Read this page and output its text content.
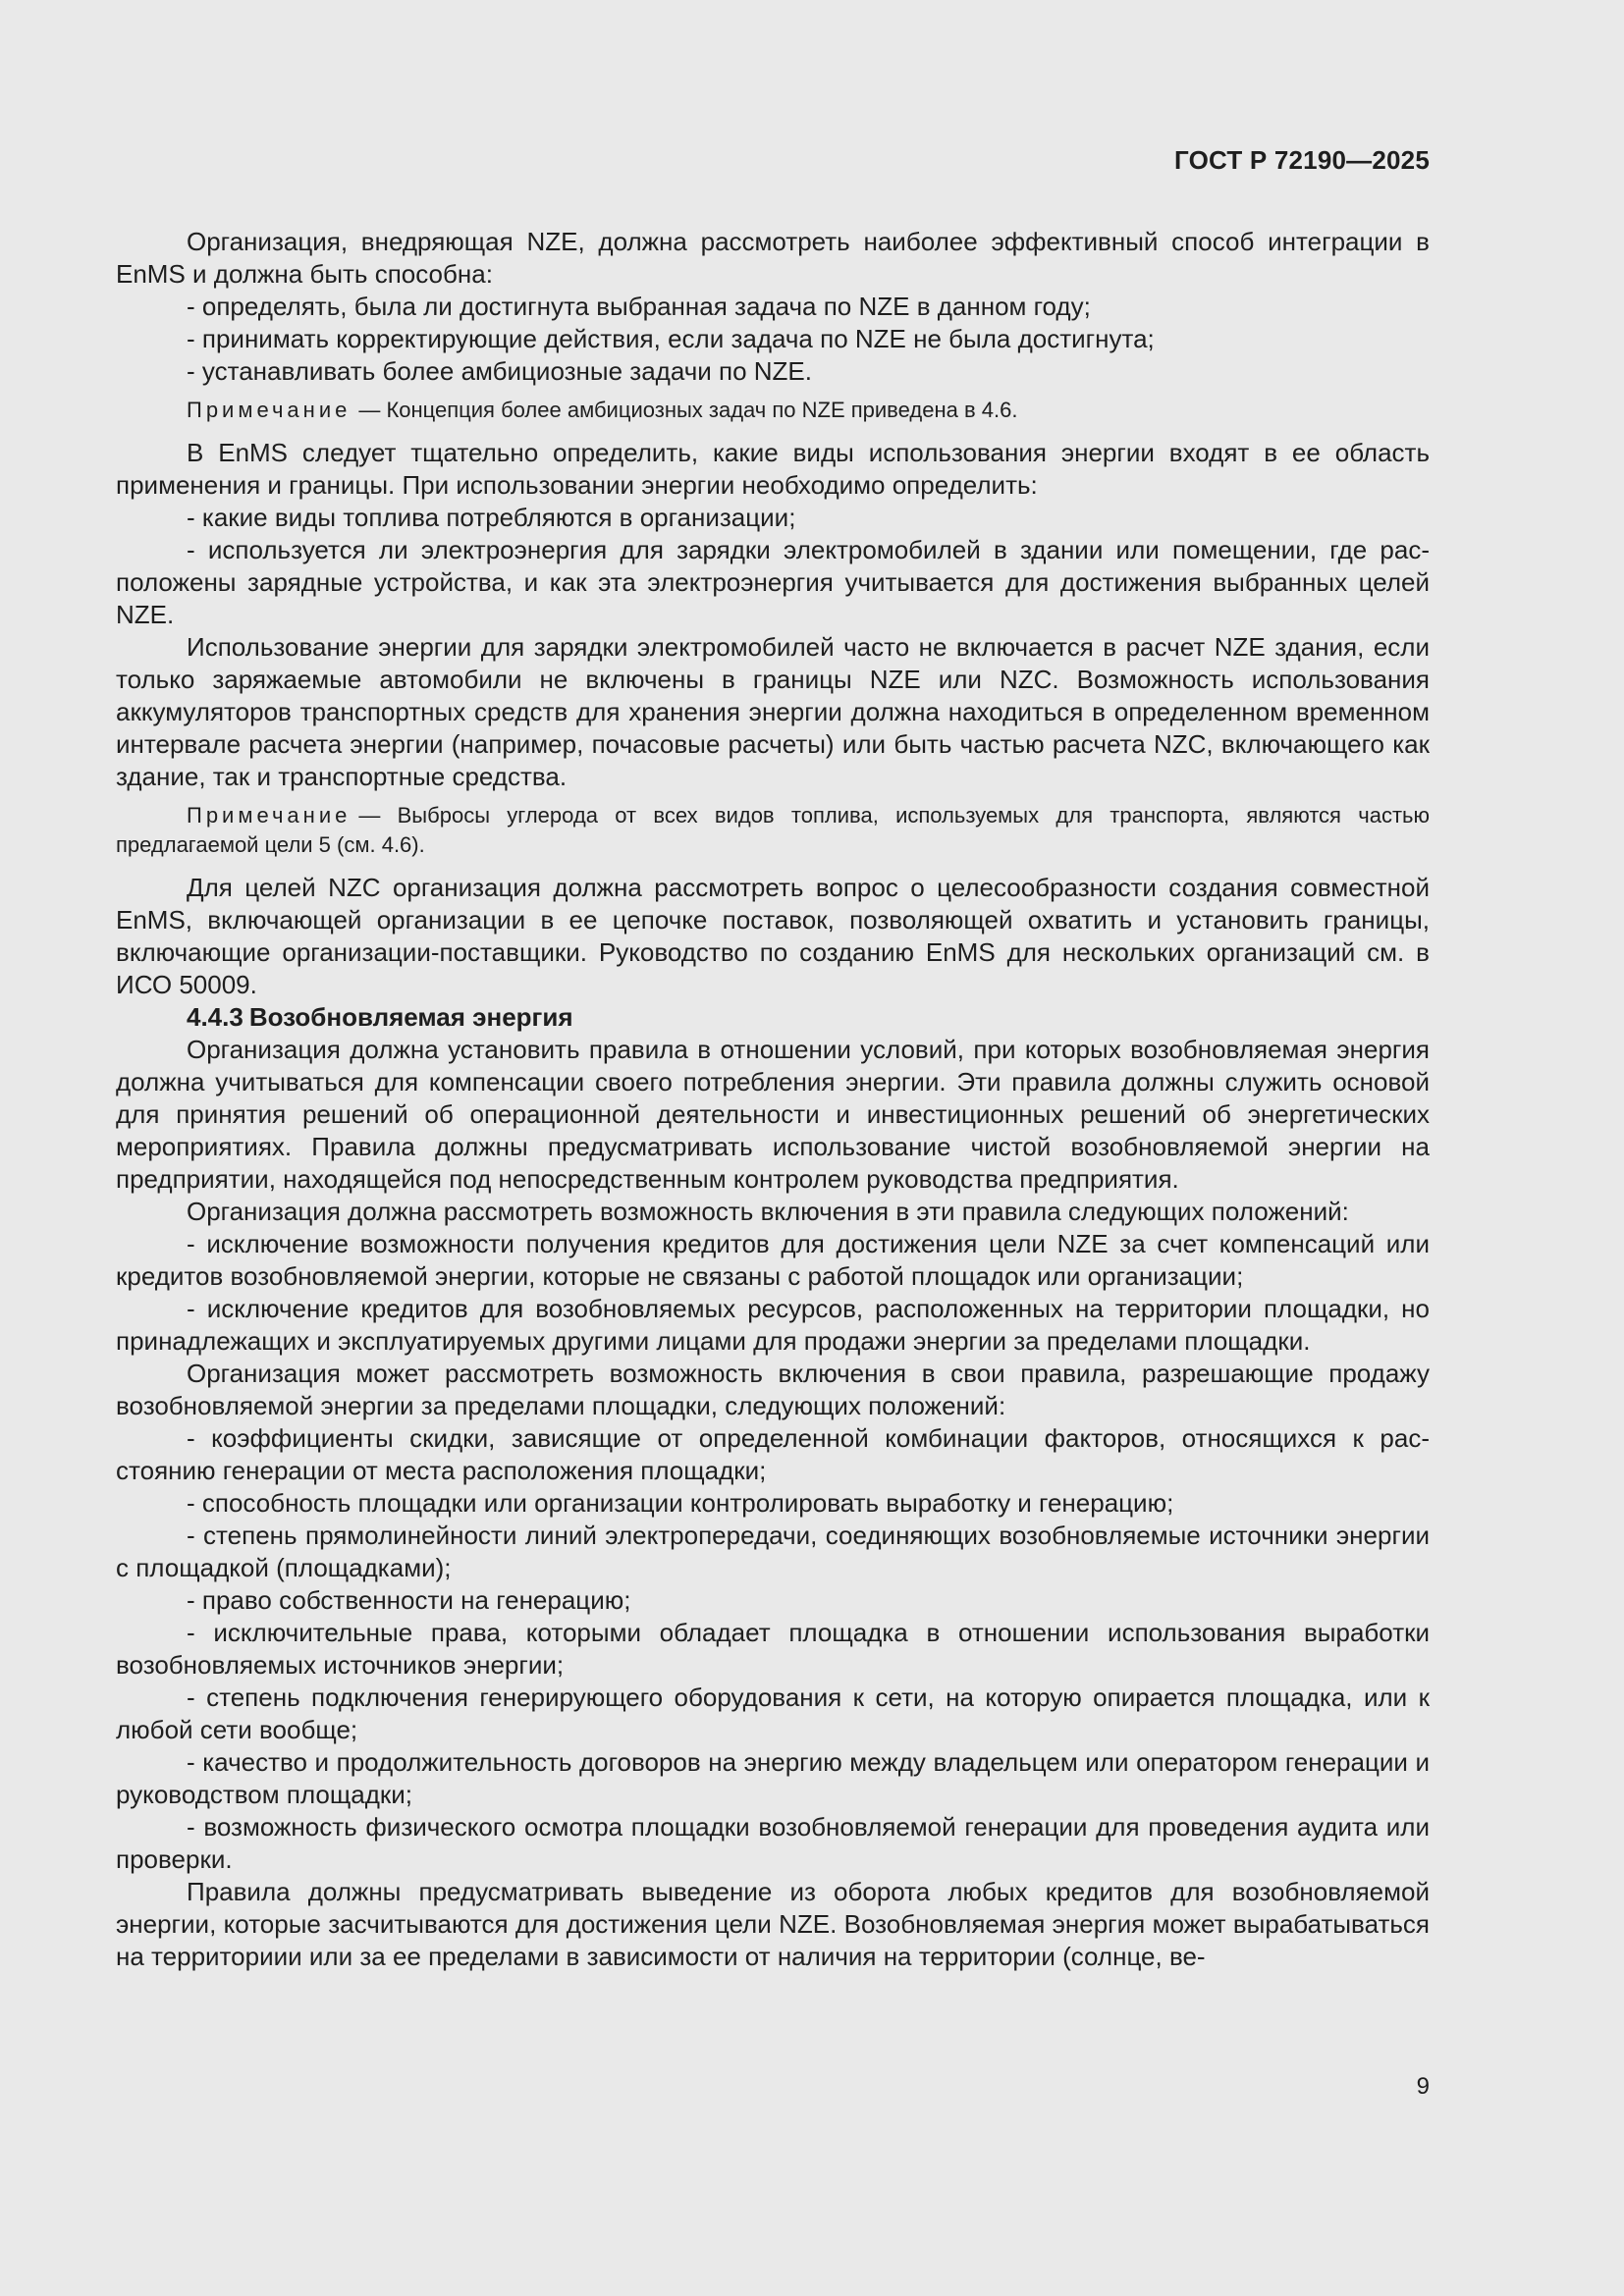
ГОСТ Р 72190—2025

Организация, внедряющая NZE, должна рассмотреть наиболее эффективный способ интеграции в EnMS и должна быть способна:

- определять, была ли достигнута выбранная задача по NZE в данном году;

- принимать корректирующие действия, если задача по NZE не была достигнута;

- устанавливать более амбициозные задачи по NZE.

Примечание — Концепция более амбициозных задач по NZE приведена в 4.6.

В EnMS следует тщательно определить, какие виды использования энергии входят в ее область применения и границы. При использовании энергии необходимо определить:

- какие виды топлива потребляются в организации;

- используется ли электроэнергия для зарядки электромобилей в здании или помещении, где расположены зарядные устройства, и как эта электроэнергия учитывается для достижения выбранных целей NZE.

Использование энергии для зарядки электромобилей часто не включается в расчет NZE здания, если только заряжаемые автомобили не включены в границы NZE или NZC. Возможность использования аккумуляторов транспортных средств для хранения энергии должна находиться в определенном временном интервале расчета энергии (например, почасовые расчеты) или быть частью расчета NZC, включающего как здание, так и транспортные средства.

Примечание — Выбросы углерода от всех видов топлива, используемых для транспорта, являются частью предлагаемой цели 5 (см. 4.6).

Для целей NZC организация должна рассмотреть вопрос о целесообразности создания совместной EnMS, включающей организации в ее цепочке поставок, позволяющей охватить и установить границы, включающие организации-поставщики. Руководство по созданию EnMS для нескольких организаций см. в ИСО 50009.

4.4.3 Возобновляемая энергия

Организация должна установить правила в отношении условий, при которых возобновляемая энергия должна учитываться для компенсации своего потребления энергии. Эти правила должны служить основой для принятия решений об операционной деятельности и инвестиционных решений об энергетических мероприятиях. Правила должны предусматривать использование чистой возобновляемой энергии на предприятии, находящейся под непосредственным контролем руководства предприятия.

Организация должна рассмотреть возможность включения в эти правила следующих положений:

- исключение возможности получения кредитов для достижения цели NZE за счет компенсаций или кредитов возобновляемой энергии, которые не связаны с работой площадок или организации;

- исключение кредитов для возобновляемых ресурсов, расположенных на территории площадки, но принадлежащих и эксплуатируемых другими лицами для продажи энергии за пределами площадки.

Организация может рассмотреть возможность включения в свои правила, разрешающие продажу возобновляемой энергии за пределами площадки, следующих положений:

- коэффициенты скидки, зависящие от определенной комбинации факторов, относящихся к расстоянию генерации от места расположения площадки;

- способность площадки или организации контролировать выработку и генерацию;

- степень прямолинейности линий электропередачи, соединяющих возобновляемые источники энергии с площадкой (площадками);

- право собственности на генерацию;

- исключительные права, которыми обладает площадка в отношении использования выработки возобновляемых источников энергии;

- степень подключения генерирующего оборудования к сети, на которую опирается площадка, или к любой сети вообще;

- качество и продолжительность договоров на энергию между владельцем или оператором генерации и руководством площадки;

- возможность физического осмотра площадки возобновляемой генерации для проведения аудита или проверки.

Правила должны предусматривать выведение из оборота любых кредитов для возобновляемой энергии, которые засчитываются для достижения цели NZE. Возобновляемая энергия может вырабатываться на территориии или за ее пределами в зависимости от наличия на территории (солнце, ве-

9
